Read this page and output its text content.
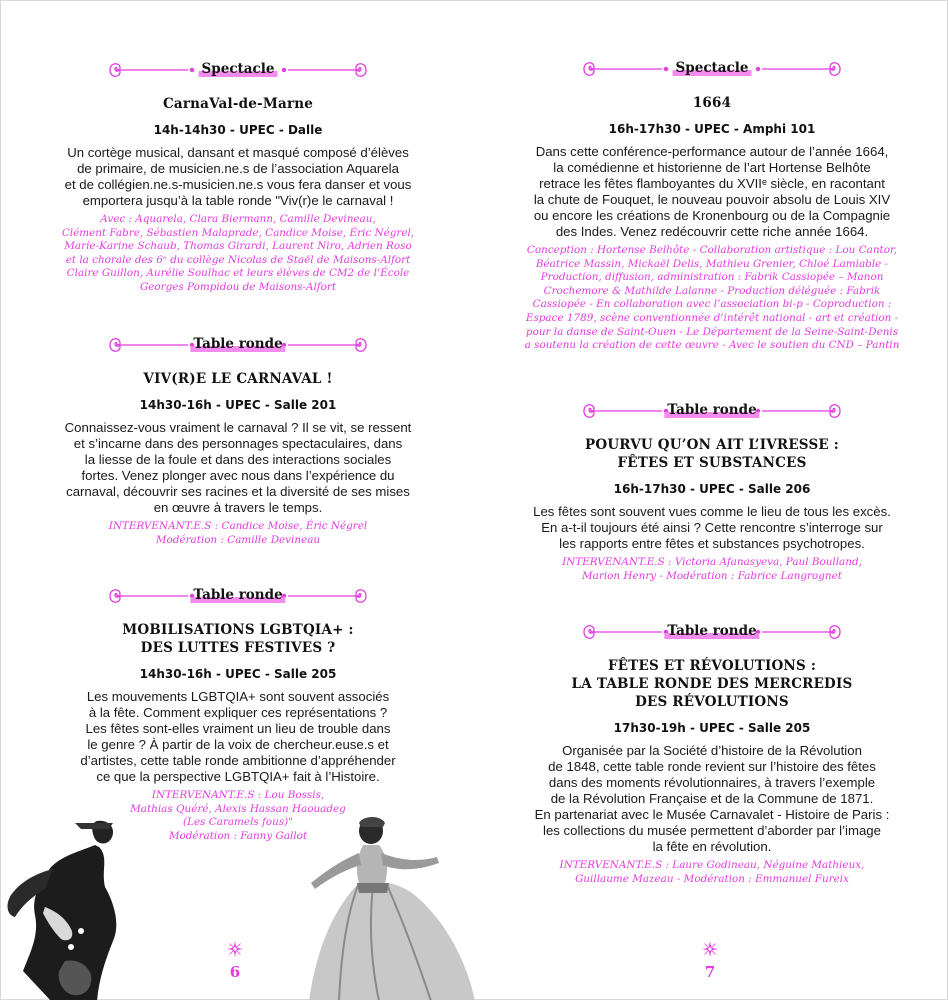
Spectacle
CarnaVal-de-Marne
14h-14h30 - UPEC - Dalle
Un cortège musical, dansant et masqué composé d’élèves
de primaire, de musicien.ne.s de l’association Aquarela
et de collégien.ne.s-musicien.ne.s vous fera danser et vous
emportera jusqu’à la table ronde "Viv(r)e le carnaval !
Avec : Aquarela, Clara Biermann, Camille Devineau,
Clément Fabre, Sébastien Malaprade, Candice Moise, Éric Négrel,
Marie-Karine Schaub, Thomas Girardi, Laurent Niro, Adrien Roso
et la chorale des 6ᵉ du collège Nicolas de Staël de Maisons-Alfort
Claire Guillon, Aurélie Soulhac et leurs élèves de CM2 de l’École
Georges Pompidou de Maisons-Alfort
Table ronde
VIV(R)E LE CARNAVAL !
14h30-16h - UPEC - Salle 201
Connaissez-vous vraiment le carnaval ? Il se vit, se ressent
et s’incarne dans des personnages spectaculaires, dans
la liesse de la foule et dans des interactions sociales
fortes. Venez plonger avec nous dans l’expérience du
carnaval, découvrir ses racines et la diversité de ses mises
en œuvre à travers le temps.
INTERVENANT.E.S : Candice Moise, Éric Négrel
Modération : Camille Devineau
Table ronde
MOBILISATIONS LGBTQIA+ :
DES LUTTES FESTIVES ?
14h30-16h - UPEC - Salle 205
Les mouvements LGBTQIA+ sont souvent associés
à la fête. Comment expliquer ces représentations ?
Les fêtes sont-elles vraiment un lieu de trouble dans
le genre ? À partir de la voix de chercheur.euse.s et
d’artistes, cette table ronde ambitionne d’appréhender
ce que la perspective LGBTQIA+ fait à l’Histoire.
INTERVENANT.E.S : Lou Bossis,
Mathias Quéré, Alexis Hassan Haouadeg
(Les Caramels fous)"
Modération : Fanny Gallot
6
Spectacle
1664
16h-17h30 - UPEC - Amphi 101
Dans cette conférence-performance autour de l’année 1664,
la comédienne et historienne de l’art Hortense Belhôte
retrace les fêtes flamboyantes du XVIIᵉ siècle, en racontant
la chute de Fouquet, le nouveau pouvoir absolu de Louis XIV
ou encore les créations de Kronenbourg ou de la Compagnie
des Indes. Venez redécouvrir cette riche année 1664.
Conception : Hortense Belhôte - Collaboration artistique : Lou Cantor,
Béatrice Massin, Mickaël Delis, Mathieu Grenier, Chloé Lamiable -
Production, diffusion, administration : Fabrik Cassiopée – Manon
Crochemore & Mathilde Lalanne - Production déléguée : Fabrik
Cassiopée - En collaboration avec l’association bi-p - Coproduction :
Espace 1789, scène conventionnée d’intérêt national - art et création -
pour la danse de Saint-Ouen - Le Département de la Seine-Saint-Denis
a soutenu la création de cette œuvre - Avec le soutien du CND – Pantin
Table ronde
POURVU QU’ON AIT L’IVRESSE :
FÊTES ET SUBSTANCES
16h-17h30 - UPEC - Salle 206
Les fêtes sont souvent vues comme le lieu de tous les excès.
En a-t-il toujours été ainsi ? Cette rencontre s’interroge sur
les rapports entre fêtes et substances psychotropes.
INTERVENANT.E.S : Victoria Afanasyeva, Paul Boulland,
Marion Henry - Modération : Fabrice Langrognet
Table ronde
FÊTES ET RÉVOLUTIONS :
LA TABLE RONDE DES MERCREDIS
DES RÉVOLUTIONS
17h30-19h - UPEC - Salle 205
Organisée par la Société d’histoire de la Révolution
de 1848, cette table ronde revient sur l’histoire des fêtes
dans des moments révolutionnaires, à travers l’exemple
de la Révolution Française et de la Commune de 1871.
En partenariat avec le Musée Carnavalet - Histoire de Paris :
les collections du musée permettent d’aborder par l’image
la fête en révolution.
INTERVENANT.E.S : Laure Godineau, Néguine Mathieux,
Guillaume Mazeau - Modération : Emmanuel Fureix
7
